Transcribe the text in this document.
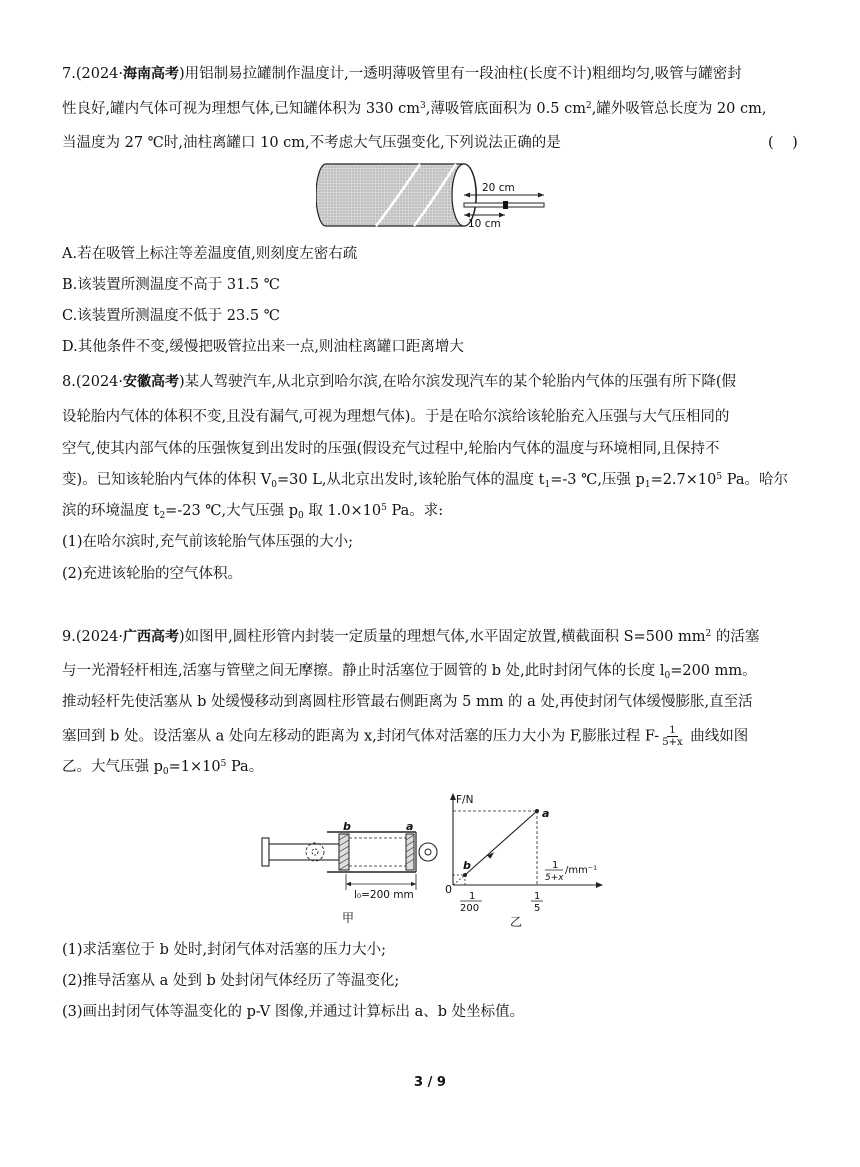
7.(2024·海南高考)用铝制易拉罐制作温度计,一透明薄吸管里有一段油柱(长度不计)粗细均匀,吸管与罐密封
性良好,罐内气体可视为理想气体,已知罐体积为 330 $cm^3$,薄吸管底面积为 0.5 $cm^2$,罐外吸管总长度为 20 cm,
当温度为 27 ℃时,油柱离罐口 10 cm,不考虑大气压强变化,下列说法正确的是	(    )
20 cm
10 cm
A.若在吸管上标注等差温度值,则刻度左密右疏
B.该装置所测温度不高于 31.5 ℃
C.该装置所测温度不低于 23.5 ℃
D.其他条件不变,缓慢把吸管拉出来一点,则油柱离罐口距离增大
8.(2024·安徽高考)某人驾驶汽车,从北京到哈尔滨,在哈尔滨发现汽车的某个轮胎内气体的压强有所下降(假
设轮胎内气体的体积不变,且没有漏气,可视为理想气体)。于是在哈尔滨给该轮胎充入压强与大气压相同的
空气,使其内部气体的压强恢复到出发时的压强(假设充气过程中,轮胎内气体的温度与环境相同,且保持不
变)。已知该轮胎内气体的体积 $V_0=30$ L,从北京出发时,该轮胎气体的温度 $t_1=-3$ ℃,压强 $p_1=2.7\times 10^5$ Pa。哈尔
滨的环境温度 $t_2=-23$ ℃,大气压强 $p_0$ 取 $1.0\times 10^5$ Pa。求:
(1)在哈尔滨时,充气前该轮胎气体压强的大小;
(2)充进该轮胎的空气体积。
9.(2024·广西高考)如图甲,圆柱形管内封装一定质量的理想气体,水平固定放置,横截面积 S=500 $mm^2$ 的活塞
与一光滑轻杆相连,活塞与管壁之间无摩擦。静止时活塞位于圆管的 b 处,此时封闭气体的长度 $l_0=200$ mm。
推动轻杆先使活塞从 b 处缓慢移动到离圆柱形管最右侧距离为 5 mm 的 a 处,再使封闭气体缓慢膨胀,直至活
塞回到 b 处。设活塞从 a 处向左移动的距离为 x,封闭气体对活塞的压力大小为 F,膨胀过程 $F- \frac{1}{5+x}$ 曲线如图
乙。大气压强 $p_0=1\times 10^5$ Pa。
b	a
l₀=200 mm
甲
F/N
a
b
0
1
200
1
5
1
5+x
/mm⁻¹
乙
(1)求活塞位于 b 处时,封闭气体对活塞的压力大小;
(2)推导活塞从 a 处到 b 处封闭气体经历了等温变化;
(3)画出封闭气体等温变化的 p-V 图像,并通过计算标出 a、b 处坐标值。
3 / 9
